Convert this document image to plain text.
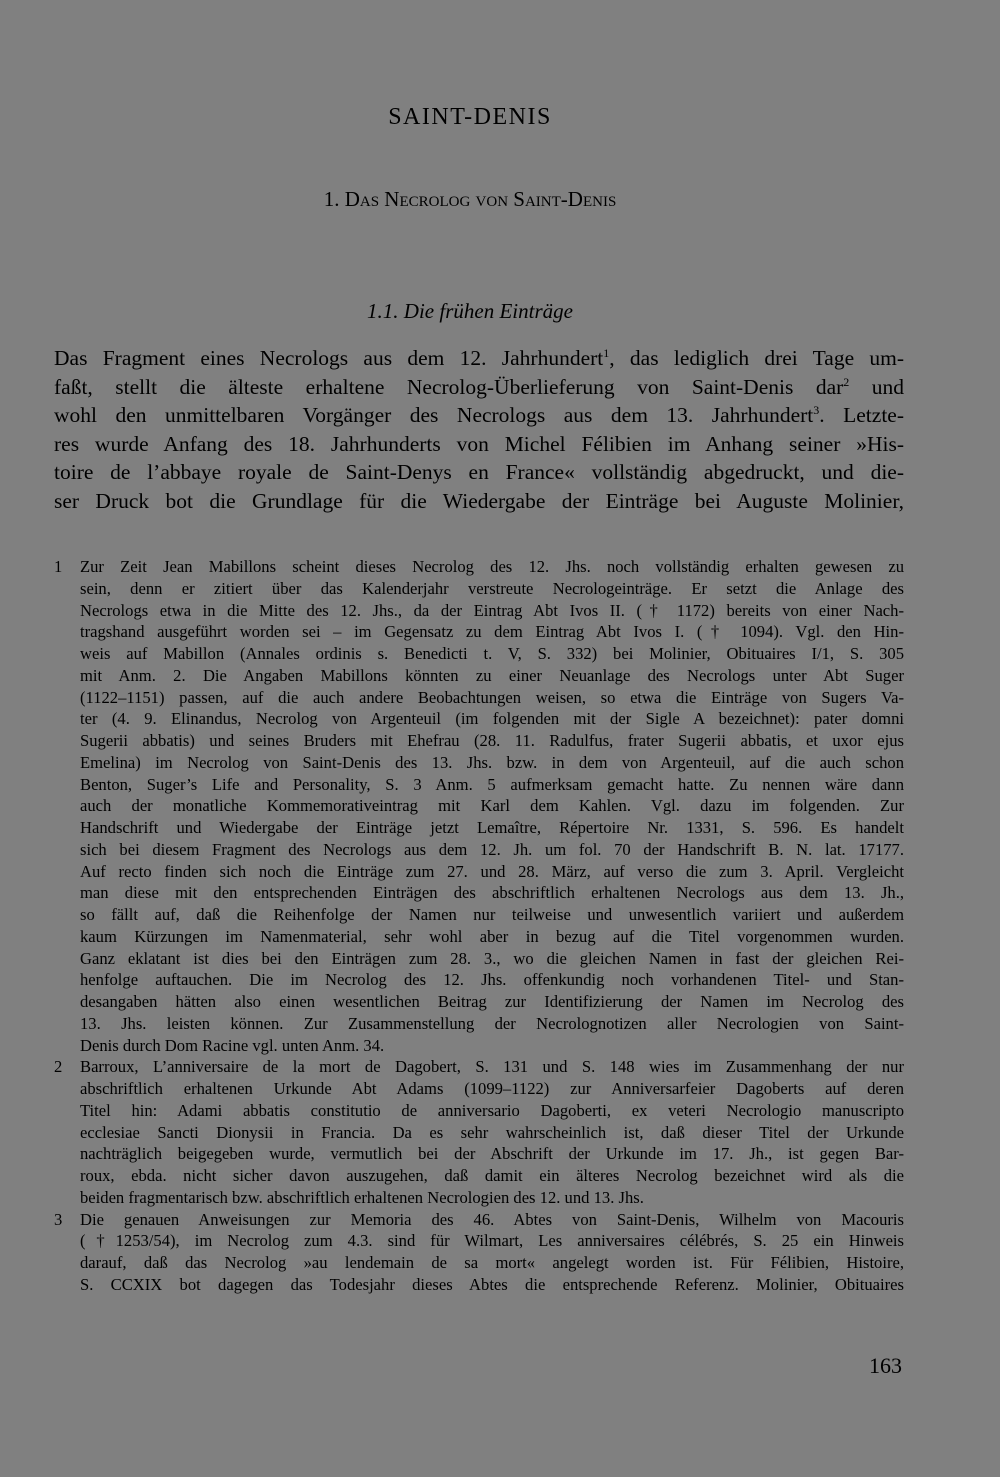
SAINT-DENIS
1. Das Necrolog von Saint-Denis
1.1. Die frühen Einträge
Das Fragment eines Necrologs aus dem 12. Jahrhundert$^1$, das lediglich drei Tage um-
faßt, stellt die älteste erhaltene Necrolog-Überlieferung von Saint-Denis dar$^2$ und
wohl den unmittelbaren Vorgänger des Necrologs aus dem 13. Jahrhundert$^3$. Letzte-
res wurde Anfang des 18. Jahrhunderts von Michel Félibien im Anhang seiner »His-
toire de l’abbaye royale de Saint-Denys en France« vollständig abgedruckt, und die-
ser Druck bot die Grundlage für die Wiedergabe der Einträge bei Auguste Molinier,
1 Zur Zeit Jean Mabillons scheint dieses Necrolog des 12. Jhs. noch vollständig erhalten gewesen zu
sein, denn er zitiert über das Kalenderjahr verstreute Necrologeinträge. Er setzt die Anlage des
Necrologs etwa in die Mitte des 12. Jhs., da der Eintrag Abt Ivos II. († 1172) bereits von einer Nach-
tragshand ausgeführt worden sei – im Gegensatz zu dem Eintrag Abt Ivos I. († 1094). Vgl. den Hin-
weis auf Mabillon (Annales ordinis s. Benedicti t. V, S. 332) bei Molinier, Obituaires I/1, S. 305
mit Anm. 2. Die Angaben Mabillons könnten zu einer Neuanlage des Necrologs unter Abt Suger
(1122–1151) passen, auf die auch andere Beobachtungen weisen, so etwa die Einträge von Sugers Va-
ter (4. 9. Elinandus, Necrolog von Argenteuil (im folgenden mit der Sigle A bezeichnet): pater domni
Sugerii abbatis) und seines Bruders mit Ehefrau (28. 11. Radulfus, frater Sugerii abbatis, et uxor ejus
Emelina) im Necrolog von Saint-Denis des 13. Jhs. bzw. in dem von Argenteuil, auf die auch schon
Benton, Suger’s Life and Personality, S. 3 Anm. 5 aufmerksam gemacht hatte. Zu nennen wäre dann
auch der monatliche Kommemorativeintrag mit Karl dem Kahlen. Vgl. dazu im folgenden. Zur
Handschrift und Wiedergabe der Einträge jetzt Lemaître, Répertoire Nr. 1331, S. 596. Es handelt
sich bei diesem Fragment des Necrologs aus dem 12. Jh. um fol. 70 der Handschrift B. N. lat. 17177.
Auf recto finden sich noch die Einträge zum 27. und 28. März, auf verso die zum 3. April. Vergleicht
man diese mit den entsprechenden Einträgen des abschriftlich erhaltenen Necrologs aus dem 13. Jh.,
so fällt auf, daß die Reihenfolge der Namen nur teilweise und unwesentlich variiert und außerdem
kaum Kürzungen im Namenmaterial, sehr wohl aber in bezug auf die Titel vorgenommen wurden.
Ganz eklatant ist dies bei den Einträgen zum 28. 3., wo die gleichen Namen in fast der gleichen Rei-
henfolge auftauchen. Die im Necrolog des 12. Jhs. offenkundig noch vorhandenen Titel- und Stan-
desangaben hätten also einen wesentlichen Beitrag zur Identifizierung der Namen im Necrolog des
13. Jhs. leisten können. Zur Zusammenstellung der Necrolognotizen aller Necrologien von Saint-
Denis durch Dom Racine vgl. unten Anm. 34.
2 Barroux, L’anniversaire de la mort de Dagobert, S. 131 und S. 148 wies im Zusammenhang der nur
abschriftlich erhaltenen Urkunde Abt Adams (1099–1122) zur Anniversarfeier Dagoberts auf deren
Titel hin: Adami abbatis constitutio de anniversario Dagoberti, ex veteri Necrologio manuscripto
ecclesiae Sancti Dionysii in Francia. Da es sehr wahrscheinlich ist, daß dieser Titel der Urkunde
nachträglich beigegeben wurde, vermutlich bei der Abschrift der Urkunde im 17. Jh., ist gegen Bar-
roux, ebda. nicht sicher davon auszugehen, daß damit ein älteres Necrolog bezeichnet wird als die
beiden fragmentarisch bzw. abschriftlich erhaltenen Necrologien des 12. und 13. Jhs.
3 Die genauen Anweisungen zur Memoria des 46. Abtes von Saint-Denis, Wilhelm von Macouris
(†1253/54), im Necrolog zum 4.3. sind für Wilmart, Les anniversaires célébrés, S. 25 ein Hinweis
darauf, daß das Necrolog »au lendemain de sa mort« angelegt worden ist. Für Félibien, Histoire,
S. CCXIX bot dagegen das Todesjahr dieses Abtes die entsprechende Referenz. Molinier, Obituaires
163
